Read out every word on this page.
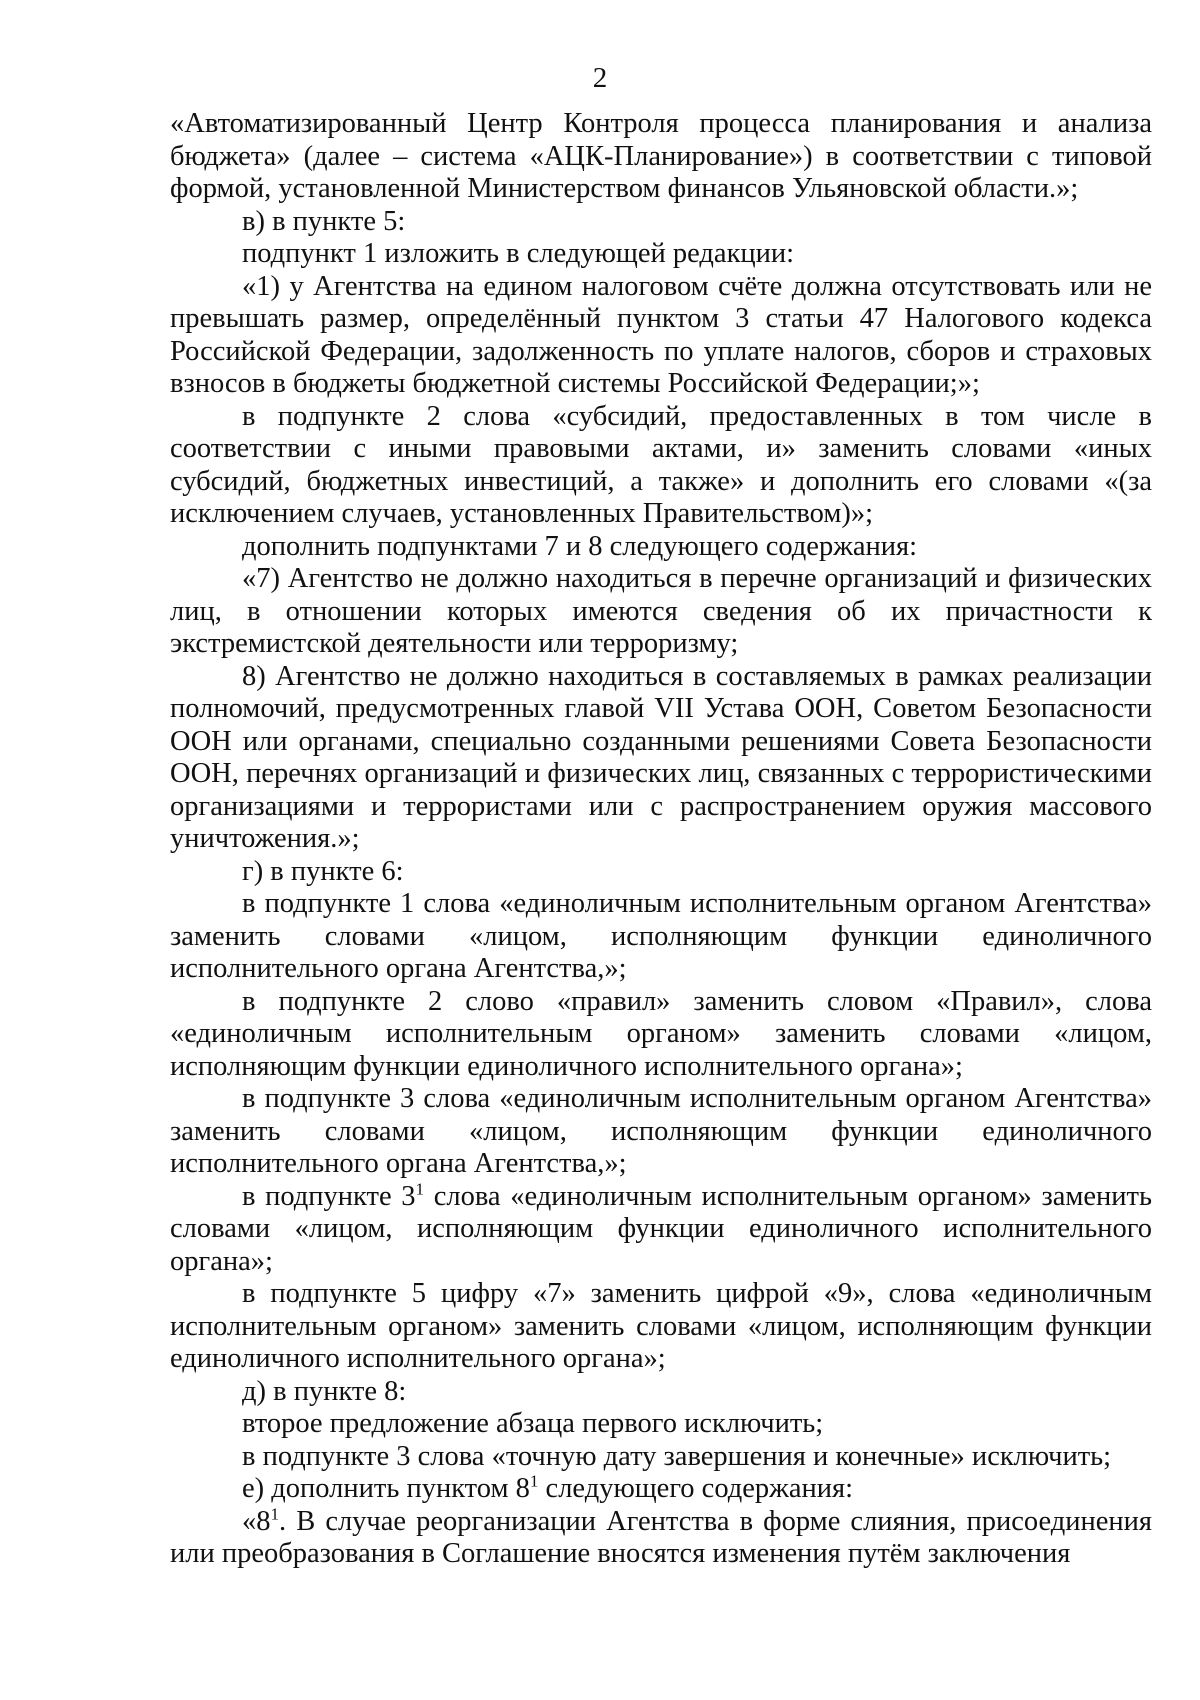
2

«Автоматизированный Центр Контроля процесса планирования и анализа бюджета» (далее – система «АЦК-Планирование») в соответствии с типовой формой, установленной Министерством финансов Ульяновской области.»;

в) в пункте 5:

подпункт 1 изложить в следующей редакции:

«1) у Агентства на едином налоговом счёте должна отсутствовать или не превышать размер, определённый пунктом 3 статьи 47 Налогового кодекса Российской Федерации, задолженность по уплате налогов, сборов и страховых взносов в бюджеты бюджетной системы Российской Федерации;»;

в подпункте 2 слова «субсидий, предоставленных в том числе в соответствии с иными правовыми актами, и» заменить словами «иных субсидий, бюджетных инвестиций, а также» и дополнить его словами «(за исключением случаев, установленных Правительством)»;

дополнить подпунктами 7 и 8 следующего содержания:

«7) Агентство не должно находиться в перечне организаций и физических лиц, в отношении которых имеются сведения об их причастности к экстремистской деятельности или терроризму;

8) Агентство не должно находиться в составляемых в рамках реализации полномочий, предусмотренных главой VII Устава ООН, Советом Безопасности ООН или органами, специально созданными решениями Совета Безопасности ООН, перечнях организаций и физических лиц, связанных с террористическими организациями и террористами или с распространением оружия массового уничтожения.»;

г) в пункте 6:

в подпункте 1 слова «единоличным исполнительным органом Агентства» заменить словами «лицом, исполняющим функции единоличного исполнительного органа Агентства,»;

в подпункте 2 слово «правил» заменить словом «Правил», слова «единоличным исполнительным органом» заменить словами «лицом, исполняющим функции единоличного исполнительного органа»;

в подпункте 3 слова «единоличным исполнительным органом Агентства» заменить словами «лицом, исполняющим функции единоличного исполнительного органа Агентства,»;

в подпункте $3^1$ слова «единоличным исполнительным органом» заменить словами «лицом, исполняющим функции единоличного исполнительного органа»;

в подпункте 5 цифру «7» заменить цифрой «9», слова «единоличным исполнительным органом» заменить словами «лицом, исполняющим функции единоличного исполнительного органа»;

д) в пункте 8:

второе предложение абзаца первого исключить;

в подпункте 3 слова «точную дату завершения и конечные» исключить;

е) дополнить пунктом $8^1$ следующего содержания:

«$8^1$. В случае реорганизации Агентства в форме слияния, присоединения или преобразования в Соглашение вносятся изменения путём заключения
